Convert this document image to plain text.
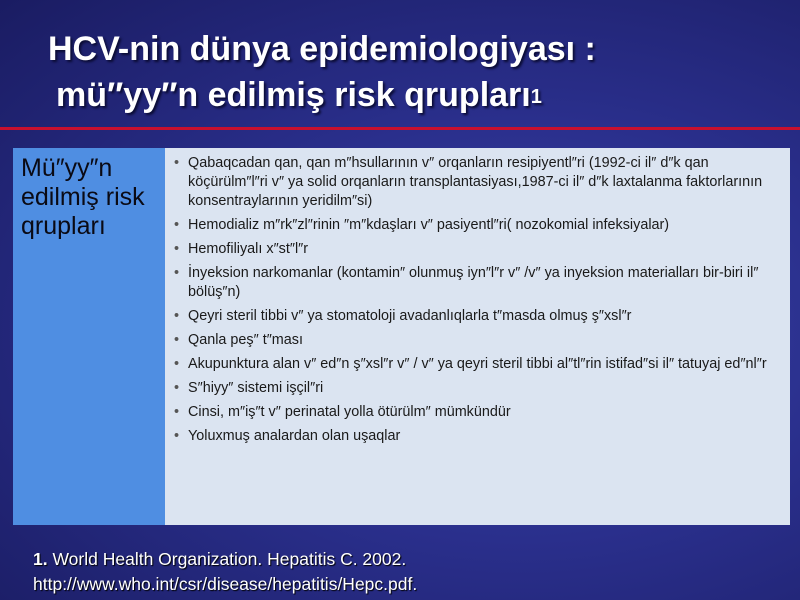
HCV-nin dünya epidemiologiyası :
mü″yy″n edilmiş risk qrupları$^1$
Mü″yy″n edilmiş risk qrupları
• Qabaqcadan qan, qan m″hsullarının v″ orqanların resipiyentl″ri (1992-ci il″ d″k qan köçürülm″l″ri v″ ya solid orqanların transplantasiyası,1987-ci il″ d″k laxtalanma faktorlarının konsentraylarının yeridilm″si)
• Hemodializ m″rk″zl″rinin ″m″kdaşları v″ pasiyentl″ri( nozokomial infeksiyalar)
• Hemofiliyalı x″st″l″r
• İnyeksion narkomanlar (kontamin″ olunmuş iyn″l″r v″ /v″ ya inyeksion materialları bir-biri il″ bölüş″n)
• Qeyri steril tibbi v″ ya stomatoloji avadanlıqlarla t″masda olmuş ş″xsl″r
• Qanla peş″ t″ması
• Akupunktura alan v″ ed″n ş″xsl″r v″ / v″ ya qeyri steril tibbi al″tl″rin istifad″si il″ tatuyaj ed″nl″r
• S″hiyy″ sistemi işçil″ri
• Cinsi, m″iş″t v″ perinatal yolla ötürülm″ mümkündür
• Yoluxmuş analardan olan uşaqlar
1. World Health Organization. Hepatitis C. 2002.
http://www.who.int/csr/disease/hepatitis/Hepc.pdf.
